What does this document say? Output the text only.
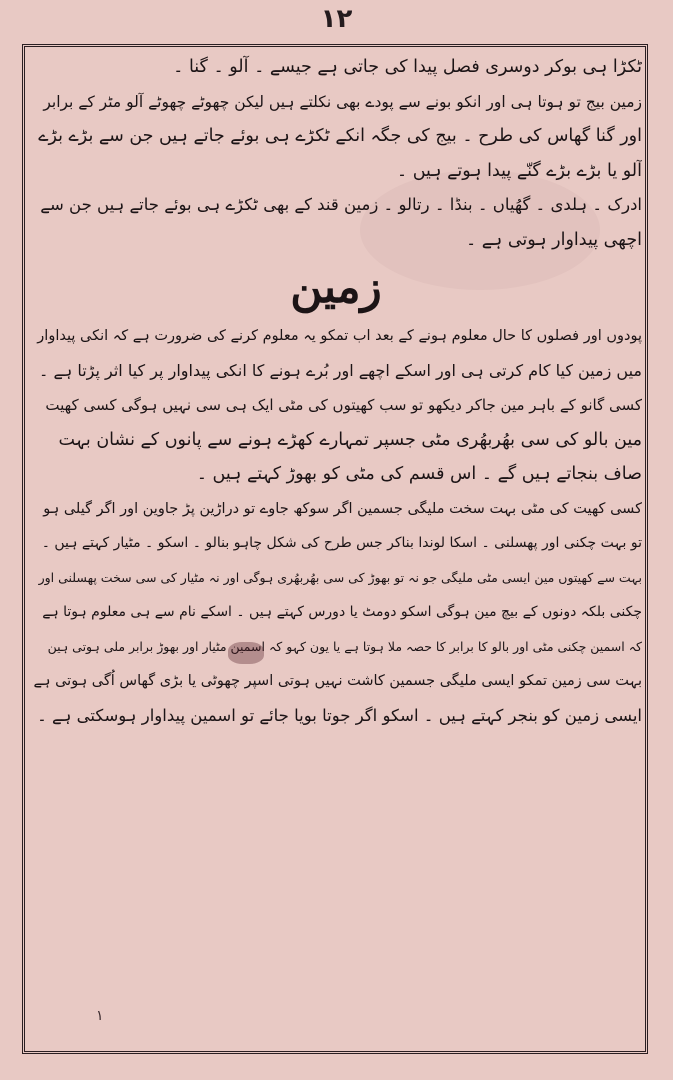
۱۲
ٹکڑا ہی بوکر دوسری فصل پیدا کی جاتی ہے جیسے ۔ آلو ۔ گنا ۔
زمین بیج تو ہوتا ہی اور انکو بونے سے پودے بھی نکلتے ہیں لیکن چھوٹے چھوٹے آلو مٹر کے برابر
اور گنا گھاس کی طرح ۔ بیج کی جگہ انکے ٹکڑے ہی بوئے جاتے ہیں جن سے بڑے بڑے
آلو یا بڑے بڑے گنّے پیدا ہوتے ہیں ۔
ادرک ۔ ہلدی ۔ گھُیاں ۔ بنڈا ۔ رتالو ۔ زمین قند کے بھی ٹکڑے ہی بوئے جاتے ہیں جن سے
اچھی پیداوار ہوتی ہے ۔
زمین
پودوں اور فصلوں کا حال معلوم ہونے کے بعد اب تمکو یہ معلوم کرنے کی ضرورت ہے کہ انکی پیداوار
میں زمین کیا کام کرتی ہی اور اسکے اچھے اور بُرے ہونے کا انکی پیداوار پر کیا اثر پڑتا ہے ۔
کسی گانو کے باہر مین جاکر دیکھو تو سب کھیتوں کی مٹی ایک ہی سی نہیں ہوگی کسی کھیت
مین بالو کی سی بھُربھُری مٹی جسپر تمہارے کھڑے ہونے سے پانوں کے نشان بہت
صاف بنجاتے ہیں گے ۔ اس قسم کی مٹی کو بھوڑ کہتے ہیں ۔
کسی کھیت کی مٹی بہت سخت ملیگی جسمین اگر سوکھ جاوے تو دراڑین پڑ جاوین اور اگر گیلی ہو
تو بہت چکنی اور پھسلنی ۔ اسکا لوندا بناکر جس طرح کی شکل چاہو بنالو ۔ اسکو ۔ مٹیار کہتے ہیں ۔
بہت سے کھیتوں مین ایسی مٹی ملیگی جو نہ تو بھوڑ کی سی بھُربھُری ہوگی اور نہ مٹیار کی سی سخت پھسلنی اور
چکنی بلکہ دونوں کے بیچ مین ہوگی اسکو دومٹ یا دورس کہتے ہیں ۔ اسکے نام سے ہی معلوم ہوتا ہے
کہ اسمین چکنی مٹی اور بالو کا برابر کا حصہ ملا ہوتا ہے یا یون کہو کہ اسمین مٹیار اور بھوڑ برابر ملی ہوتی ہین
بہت سی زمین تمکو ایسی ملیگی جسمین کاشت نہیں ہوتی اسپر چھوٹی یا بڑی گھاس اُگی ہوتی ہے
ایسی زمین کو بنجر کہتے ہیں ۔ اسکو اگر جوتا بویا جائے تو اسمین پیداوار ہوسکتی ہے ۔
۱
